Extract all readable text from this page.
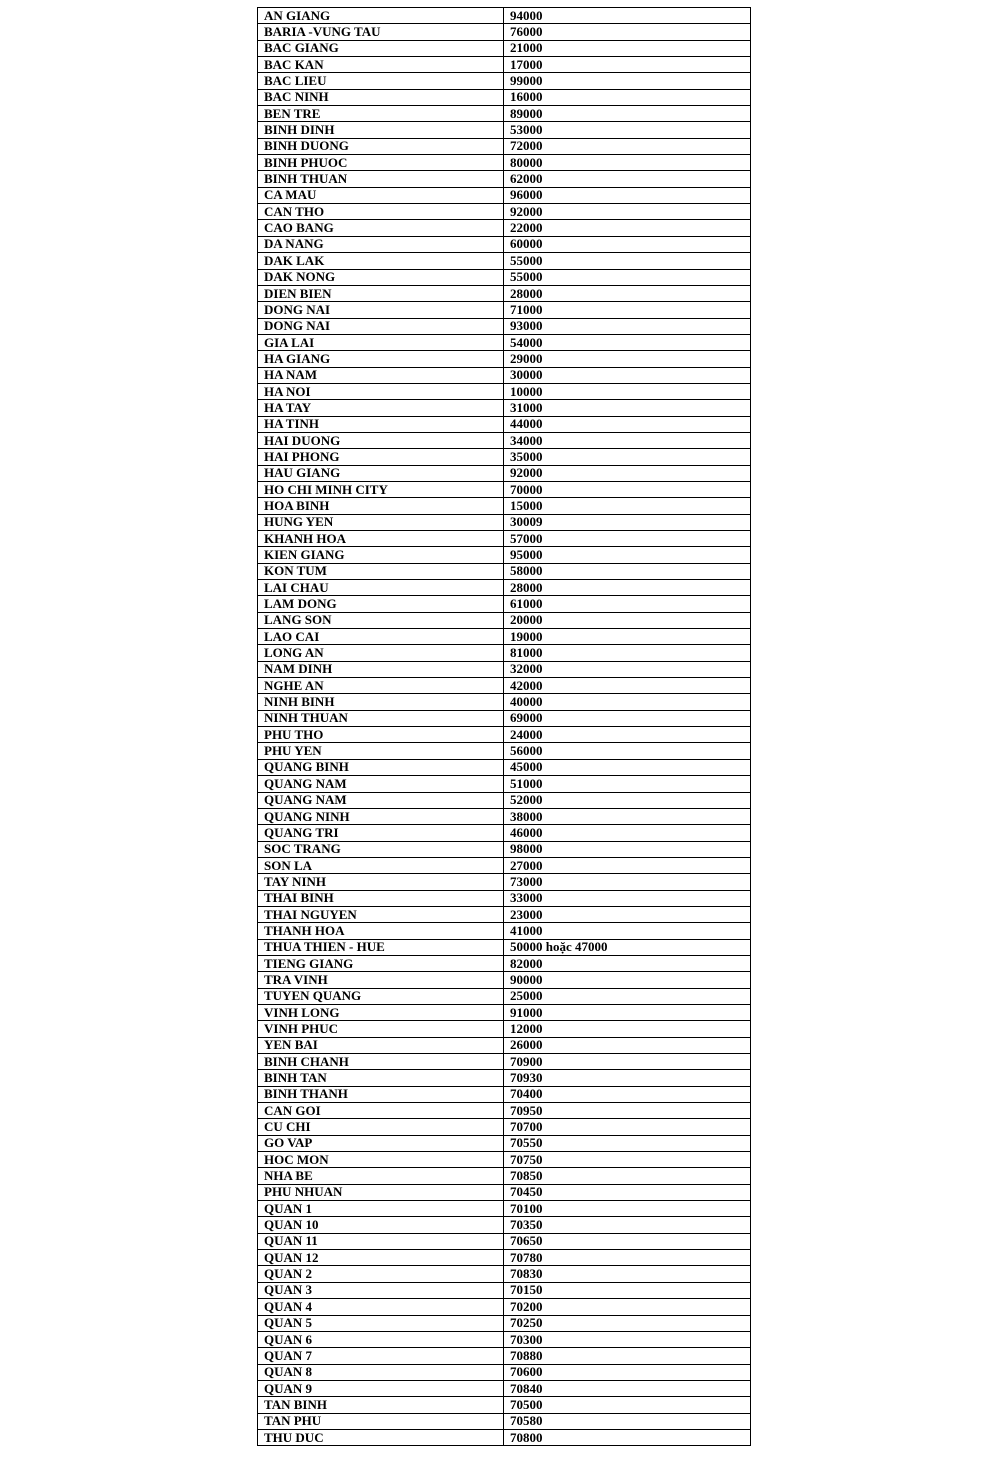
AN GIANG	94000
BARIA -VUNG TAU	76000
BAC GIANG	21000
BAC KAN	17000
BAC LIEU	99000
BAC NINH	16000
BEN TRE	89000
BINH DINH	53000
BINH DUONG	72000
BINH PHUOC	80000
BINH THUAN	62000
CA MAU	96000
CAN THO	92000
CAO BANG	22000
DA NANG	60000
DAK LAK	55000
DAK NONG	55000
DIEN BIEN	28000
DONG NAI	71000
DONG NAI	93000
GIA LAI	54000
HA GIANG	29000
HA NAM	30000
HA NOI	10000
HA TAY	31000
HA TINH	44000
HAI DUONG	34000
HAI PHONG	35000
HAU GIANG	92000
HO CHI MINH CITY	70000
HOA BINH	15000
HUNG YEN	30009
KHANH HOA	57000
KIEN GIANG	95000
KON TUM	58000
LAI CHAU	28000
LAM DONG	61000
LANG SON	20000
LAO CAI	19000
LONG AN	81000
NAM DINH	32000
NGHE AN	42000
NINH BINH	40000
NINH THUAN	69000
PHU THO	24000
PHU YEN	56000
QUANG BINH	45000
QUANG NAM	51000
QUANG NAM	52000
QUANG NINH	38000
QUANG TRI	46000
SOC TRANG	98000
SON LA	27000
TAY NINH	73000
THAI BINH	33000
THAI NGUYEN	23000
THANH HOA	41000
THUA THIEN - HUE	50000 hoặc 47000
TIENG GIANG	82000
TRA VINH	90000
TUYEN QUANG	25000
VINH LONG	91000
VINH PHUC	12000
YEN BAI	26000
BINH CHANH	70900
BINH TAN	70930
BINH THANH	70400
CAN GOI	70950
CU CHI	70700
GO VAP	70550
HOC MON	70750
NHA BE	70850
PHU NHUAN	70450
QUAN 1	70100
QUAN 10	70350
QUAN 11	70650
QUAN 12	70780
QUAN 2	70830
QUAN 3	70150
QUAN 4	70200
QUAN 5	70250
QUAN 6	70300
QUAN 7	70880
QUAN 8	70600
QUAN 9	70840
TAN BINH	70500
TAN PHU	70580
THU DUC	70800
